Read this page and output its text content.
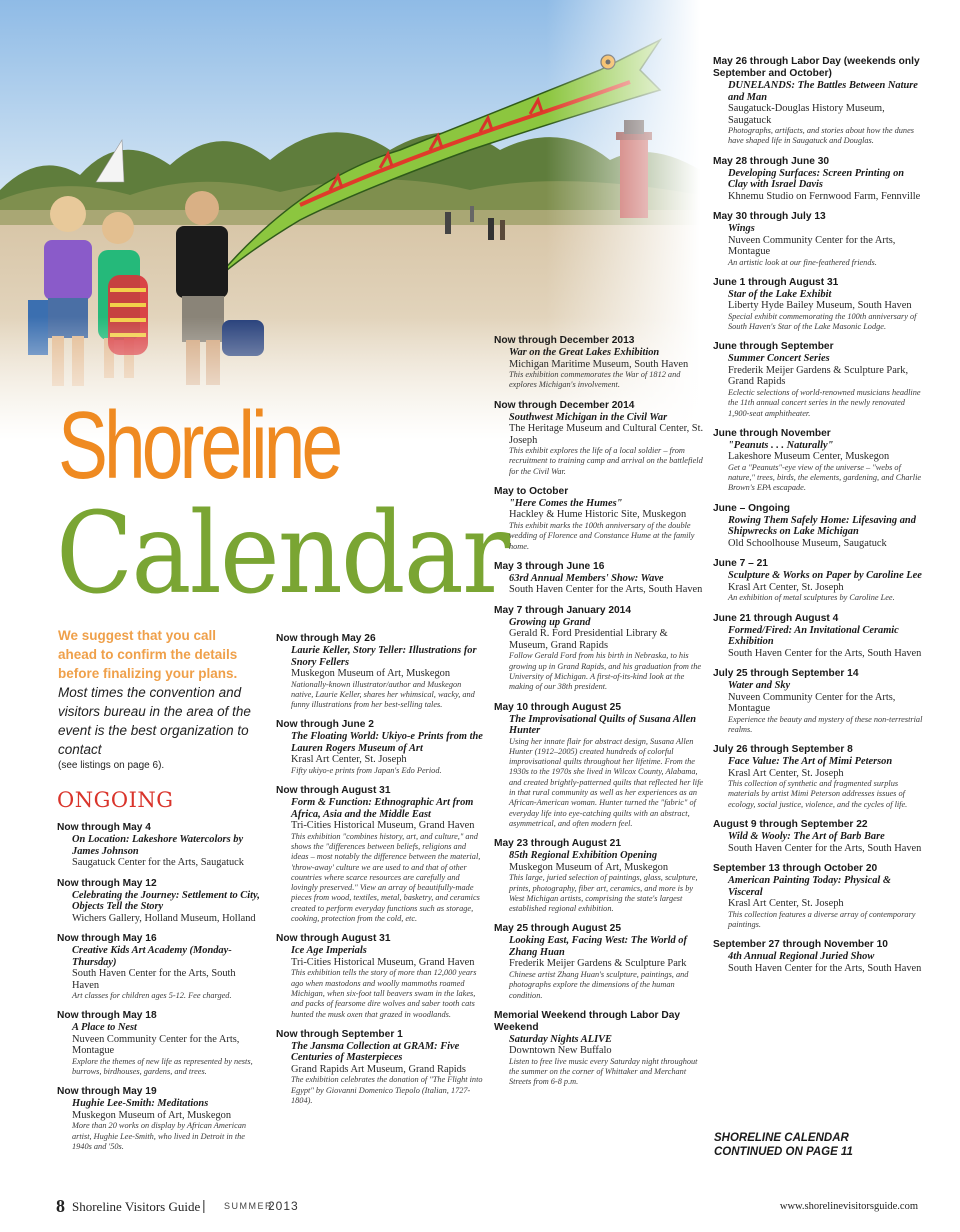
Shoreline
Calendar
We suggest that you call ahead to confirm the details before finalizing your plans.
Most times the convention and visitors bureau in the area of the event is the best organization to contact
(see listings on page 6).
ONGOING
Now through May 4
On Location: Lakeshore Watercolors by James Johnson
Saugatuck Center for the Arts, Saugatuck
Now through May 12
Celebrating the Journey: Settlement to City, Objects Tell the Story
Wichers Gallery, Holland Museum, Holland
Now through May 16
Creative Kids Art Academy (Monday-Thursday)
South Haven Center for the Arts, South Haven
Art classes for children ages 5-12. Fee charged.
Now through May 18
A Place to Nest
Nuveen Community Center for the Arts, Montague
Explore the themes of new life as represented by nests, burrows, birdhouses, gardens, and trees.
Now through May 19
Hughie Lee-Smith: Meditations
Muskegon Museum of Art, Muskegon
More than 20 works on display by African American artist, Hughie Lee-Smith, who lived in Detroit in the 1940s and '50s.
Now through May 26
Laurie Keller, Story Teller: Illustrations for Snory Fellers
Muskegon Museum of Art, Muskegon
Nationally-known illustrator/author and Muskegon native, Laurie Keller, shares her whimsical, wacky, and funny illustrations from her best-selling tales.
Now through June 2
The Floating World: Ukiyo-e Prints from the Lauren Rogers Museum of Art
Krasl Art Center, St. Joseph
Fifty ukiyo-e prints from Japan's Edo Period.
Now through August 31
Form & Function: Ethnographic Art from Africa, Asia and the Middle East
Tri-Cities Historical Museum, Grand Haven
This exhibition "combines history, art, and culture," and shows the "differences between beliefs, religions and ideas – most notably the difference between the material, 'throw-away' culture we are used to and that of other countries where scarce resources are carefully and lovingly preserved." View an array of beautifully-made pieces from wood, textiles, metal, basketry, and ceramics created to perform everyday functions such as storage, cooking, protection from the cold, etc.
Now through August 31
Ice Age Imperials
Tri-Cities Historical Museum, Grand Haven
This exhibition tells the story of more than 12,000 years ago when mastodons and woolly mammoths roamed Michigan, when six-foot tall beavers swam in the lakes, and packs of fearsome dire wolves and saber tooth cats hunted the musk oxen that grazed in woodlands.
Now through September 1
The Jansma Collection at GRAM: Five Centuries of Masterpieces
Grand Rapids Art Museum, Grand Rapids
The exhibition celebrates the donation of "The Flight into Egypt" by Giovanni Domenico Tiepolo (Italian, 1727-1804).
Now through December 2013
War on the Great Lakes Exhibition
Michigan Maritime Museum, South Haven
This exhibition commemorates the War of 1812 and explores Michigan's involvement.
Now through December 2014
Southwest Michigan in the Civil War
The Heritage Museum and Cultural Center, St. Joseph
This exhibit explores the life of a local soldier – from recruitment to training camp and arrival on the battlefield for the Civil War.
May to October
"Here Comes the Humes"
Hackley & Hume Historic Site, Muskegon
This exhibit marks the 100th anniversary of the double wedding of Florence and Constance Hume at the family home.
May 3 through June 16
63rd Annual Members' Show: Wave
South Haven Center for the Arts, South Haven
May 7 through January 2014
Growing up Grand
Gerald R. Ford Presidential Library & Museum, Grand Rapids
Follow Gerald Ford from his birth in Nebraska, to his growing up in Grand Rapids, and his graduation from the University of Michigan. A first-of-its-kind look at the making of our 38th president.
May 10 through August 25
The Improvisational Quilts of Susana Allen Hunter
Using her innate flair for abstract design, Susana Allen Hunter (1912–2005) created hundreds of colorful improvisational quilts throughout her lifetime. From the 1930s to the 1970s she lived in Wilcox County, Alabama, and created brightly-patterned quilts that reflected her life in that rural community as well as her experiences as an African-American woman. Hunter turned the "fabric" of everyday life into eye-catching quilts with an abstract, asymmetrical, and often modern feel.
May 23 through August 21
85th Regional Exhibition Opening
Muskegon Museum of Art, Muskegon
This large, juried selection of paintings, glass, sculpture, prints, photography, fiber art, ceramics, and more is by West Michigan artists, comprising the state's largest established regional exhibition.
May 25 through August 25
Looking East, Facing West: The World of Zhang Huan
Frederik Meijer Gardens & Sculpture Park
Chinese artist Zhang Huan's sculpture, paintings, and photographs explore the dimensions of the human condition.
Memorial Weekend through Labor Day Weekend
Saturday Nights ALIVE
Downtown New Buffalo
Listen to free live music every Saturday night throughout the summer on the corner of Whittaker and Merchant Streets from 6-8 p.m.
May 26 through Labor Day (weekends only September and October)
DUNELANDS: The Battles Between Nature and Man
Saugatuck-Douglas History Museum, Saugatuck
Photographs, artifacts, and stories about how the dunes have shaped life in Saugatuck and Douglas.
May 28 through June 30
Developing Surfaces: Screen Printing on Clay with Israel Davis
Khnemu Studio on Fernwood Farm, Fennville
May 30 through July 13
Wings
Nuveen Community Center for the Arts, Montague
An artistic look at our fine-feathered friends.
June 1 through August 31
Star of the Lake Exhibit
Liberty Hyde Bailey Museum, South Haven
Special exhibit commemorating the 100th anniversary of South Haven's Star of the Lake Masonic Lodge.
June through September
Summer Concert Series
Frederik Meijer Gardens & Sculpture Park, Grand Rapids
Eclectic selections of world-renowned musicians headline the 11th annual concert series in the newly renovated 1,900-seat amphitheater.
June through November
"Peanuts . . . Naturally"
Lakeshore Museum Center, Muskegon
Get a "Peanuts"-eye view of the universe – "webs of nature," trees, birds, the elements, gardening, and Charlie Brown's EPA escapade.
June – Ongoing
Rowing Them Safely Home: Lifesaving and Shipwrecks on Lake Michigan
Old Schoolhouse Museum, Saugatuck
June 7 – 21
Sculpture & Works on Paper by Caroline Lee
Krasl Art Center, St. Joseph
An exhibition of metal sculptures by Caroline Lee.
June 21 through August 4
Formed/Fired: An Invitational Ceramic Exhibition
South Haven Center for the Arts, South Haven
July 25 through September 14
Water and Sky
Nuveen Community Center for the Arts, Montague
Experience the beauty and mystery of these non-terrestrial realms.
July 26 through September 8
Face Value: The Art of Mimi Peterson
Krasl Art Center, St. Joseph
This collection of synthetic and fragmented surplus materials by artist Mimi Peterson addresses issues of ecology, social justice, violence, and the cycles of life.
August 9 through September 22
Wild & Wooly: The Art of Barb Bare
South Haven Center for the Arts, South Haven
September 13 through October 20
American Painting Today: Physical & Visceral
Krasl Art Center, St. Joseph
This collection features a diverse array of contemporary paintings.
September 27 through November 10
4th Annual Regional Juried Show
South Haven Center for the Arts, South Haven
SHORELINE CALENDAR
CONTINUED ON PAGE 11
8 Shoreline Visitors Guide | SUMMER
2013	www.shorelinevisitorsguide.com
